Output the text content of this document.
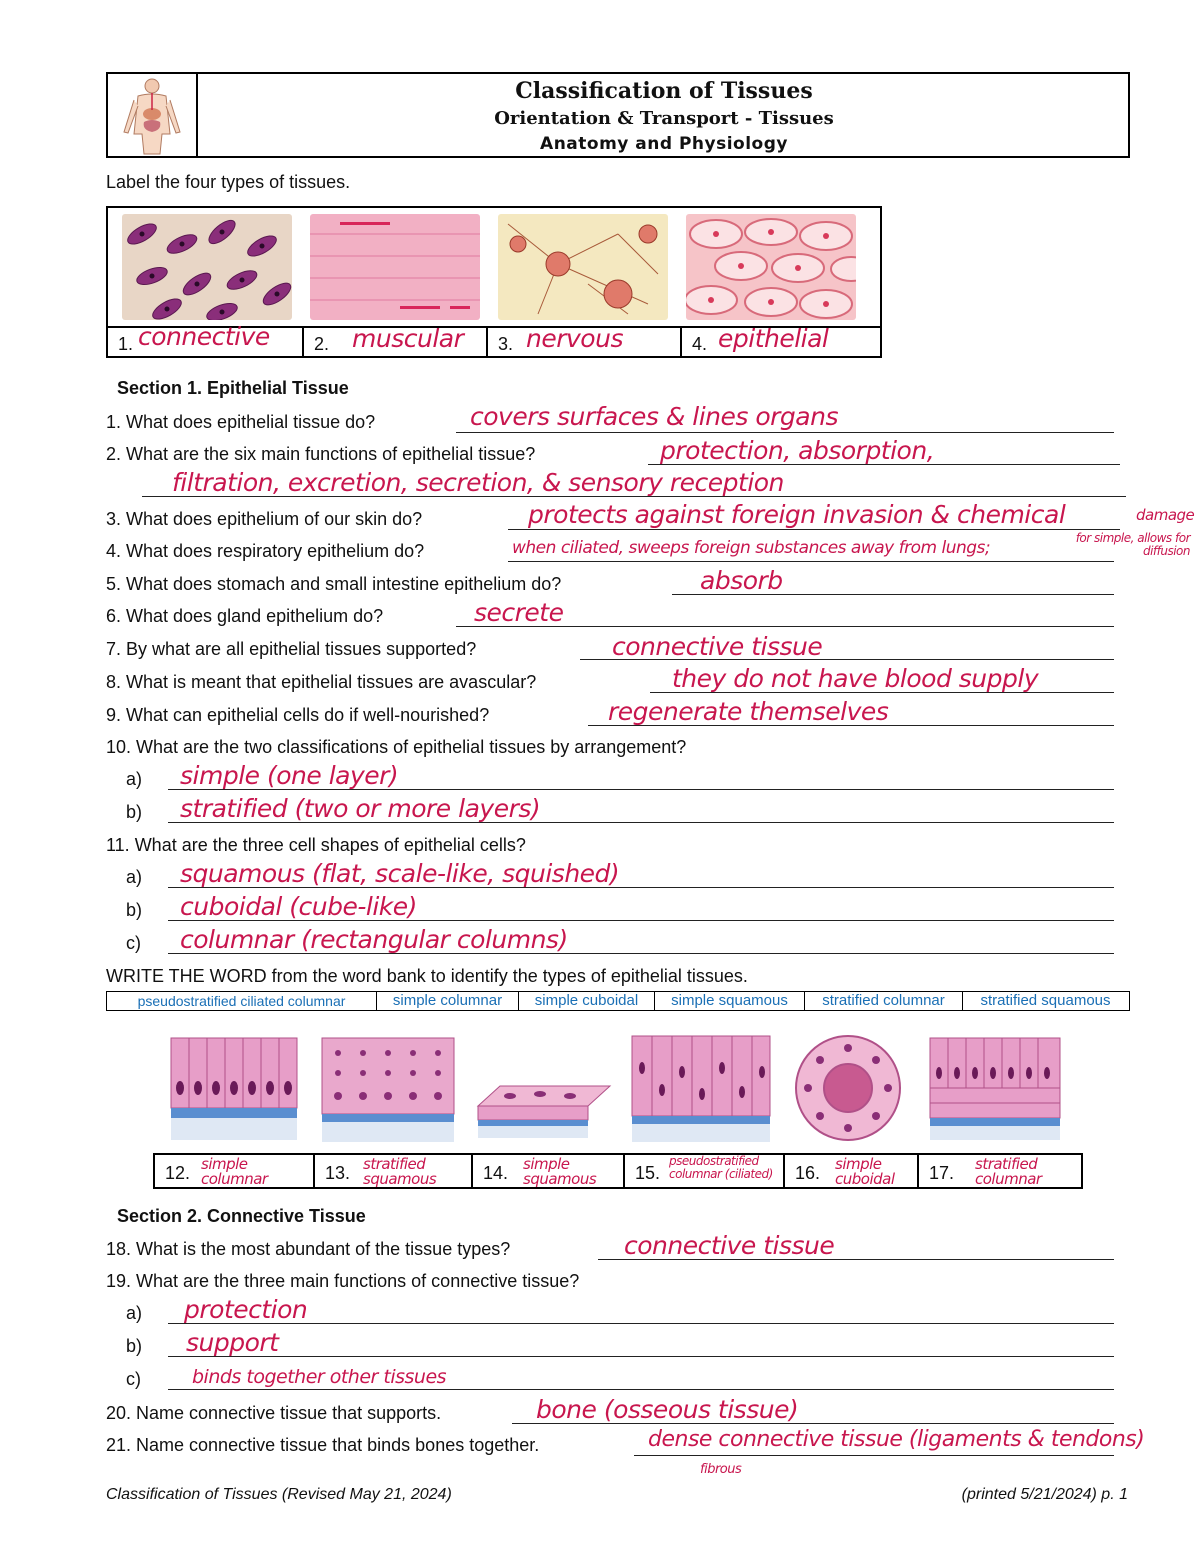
Classification of Tissues
Orientation & Transport - Tissues
Anatomy and Physiology
Label the four types of tissues.
1. connective 2. muscular 3. nervous	4. epithelial
Section 1. Epithelial Tissue
1. What does epithelial tissue do?	covers surfaces & lines organs
2. What are the six main functions of epithelial tissue?	protection, absorption,
filtration, excretion, secretion, & sensory reception
3. What does epithelium of our skin do?	protects against foreign invasion & chemical	damage
4. What does respiratory epithelium do?	when ciliated, sweeps foreign substances away from lungs;	for simple, allows for diffusion
5. What does stomach and small intestine epithelium do?	absorb
6. What does gland epithelium do?	secrete
7. By what are all epithelial tissues supported?	connective tissue
8. What is meant that epithelial tissues are avascular?	they do not have blood supply
9. What can epithelial cells do if well-nourished?	regenerate themselves
10. What are the two classifications of epithelial tissues by arrangement?
a) simple (one layer)
b) stratified (two or more layers)
11. What are the three cell shapes of epithelial cells?
a) squamous (flat, scale-like, squished)
b) cuboidal (cube-like)
c) columnar (rectangular columns)
WRITE THE WORD from the word bank to identify the types of epithelial tissues.
pseudostratified ciliated columnar	simple columnar	simple cuboidal	simple squamous	stratified columnar	stratified squamous
12. simple columnar	13. stratified squamous	14. simple squamous	15.
pseudostratified columnar (ciliated)	16. simple cuboidal	17. stratified columnar
Section 2. Connective Tissue
18. What is the most abundant of the tissue types?	connective tissue
19. What are the three main functions of connective tissue?
a) protection
b) support
c)	binds together other tissues
20. Name connective tissue that supports.	bone (osseous tissue)
21. Name connective tissue that binds bones together.	dense connective tissue (ligaments & tendons)
fibrous
Classification of Tissues (Revised May 21, 2024)	(printed 5/21/2024) p. 1
